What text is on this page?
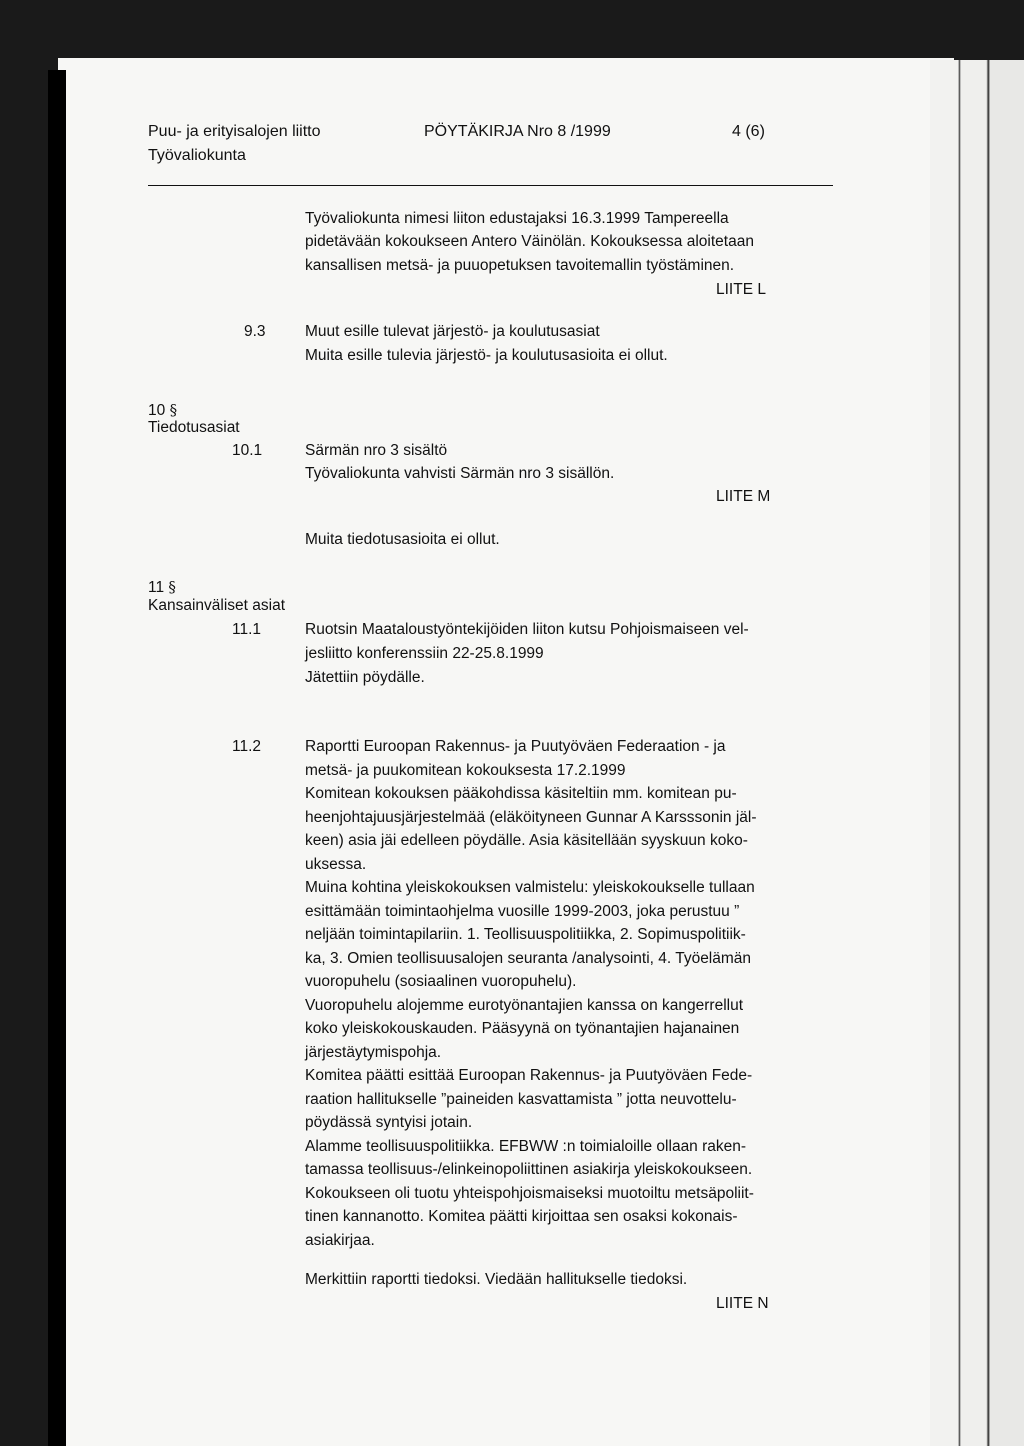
Puu- ja erityisalojen liitto
Työvaliokunta
PÖYTÄKIRJA Nro 8 /1999	4 (6)
Työvaliokunta nimesi liiton edustajaksi 16.3.1999 Tampereella
pidetävään kokoukseen Antero Väinölän. Kokouksessa aloitetaan
kansallisen metsä- ja puuopetuksen tavoitemallin työstäminen.
LIITE L
9.3	Muut esille tulevat järjestö- ja koulutusasiat
Muita esille tulevia järjestö- ja koulutusasioita ei ollut.
10 §
Tiedotusasiat
10.1	Särmän nro 3 sisältö
Työvaliokunta vahvisti Särmän nro 3 sisällön.
LIITE M
Muita tiedotusasioita ei ollut.
11 §
Kansainväliset asiat
11.1	Ruotsin Maataloustyöntekijöiden liiton kutsu Pohjoismaiseen vel-
jesliitto konferenssiin 22-25.8.1999
Jätettiin pöydälle.
11.2	Raportti Euroopan Rakennus- ja Puutyöväen Federaation - ja
metsä- ja puukomitean kokouksesta 17.2.1999
Komitean kokouksen pääkohdissa käsiteltiin mm. komitean pu-
heenjohtajuusjärjestelmää (eläköityneen Gunnar A Karsssonin jäl-
keen) asia jäi edelleen pöydälle. Asia käsitellään syyskuun koko-
uksessa.
Muina kohtina yleiskokouksen valmistelu: yleiskokoukselle tullaan
esittämään toimintaohjelma vuosille 1999-2003, joka perustuu ”
neljään toimintapilariin. 1. Teollisuuspolitiikka, 2. Sopimuspolitiik-
ka, 3. Omien teollisuusalojen seuranta /analysointi, 4. Työelämän
vuoropuhelu (sosiaalinen vuoropuhelu).
Vuoropuhelu alojemme eurotyönantajien kanssa on kangerrellut
koko yleiskokouskauden. Pääsyynä on työnantajien hajanainen
järjestäytymispohja.
Komitea päätti esittää Euroopan Rakennus- ja Puutyöväen Fede-
raation hallitukselle ”paineiden kasvattamista ” jotta neuvottelu-
pöydässä syntyisi jotain.
Alamme teollisuuspolitiikka. EFBWW :n toimialoille ollaan raken-
tamassa teollisuus-/elinkeinopoliittinen asiakirja yleiskokoukseen.
Kokoukseen oli tuotu yhteispohjoismaiseksi muotoiltu metsäpoliit-
tinen kannanotto. Komitea päätti kirjoittaa sen osaksi kokonais-
asiakirjaa.
Merkittiin raportti tiedoksi. Viedään hallitukselle tiedoksi.
LIITE N
